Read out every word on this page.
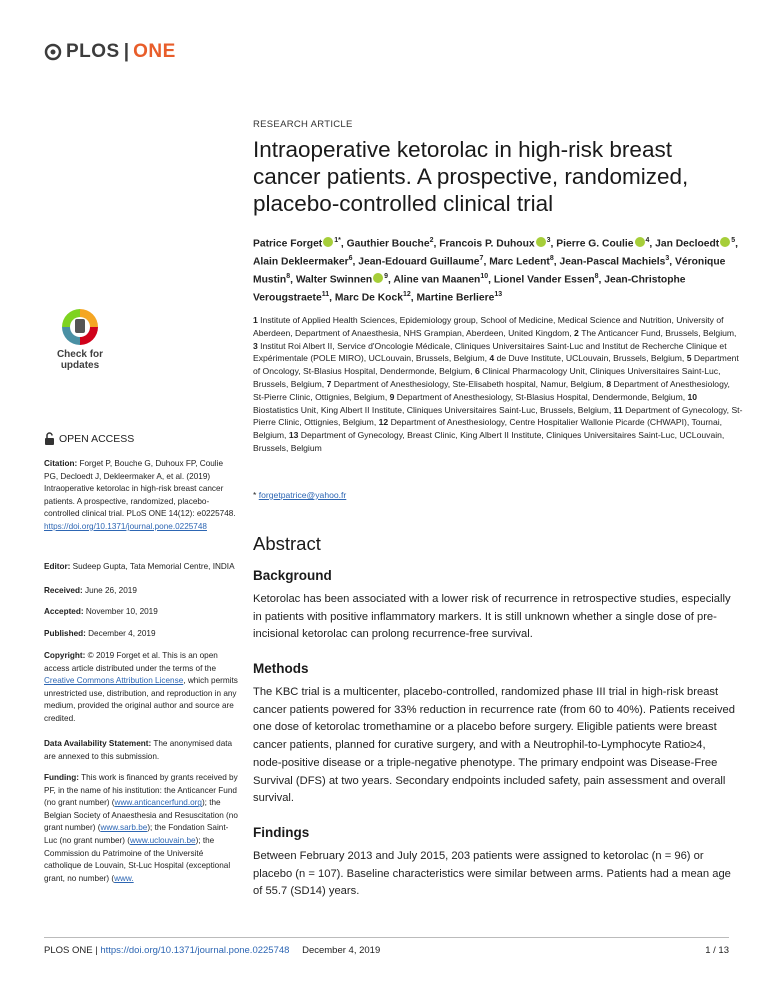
PLOS | ONE
Check for updates
OPEN ACCESS
Citation: Forget P, Bouche G, Duhoux FP, Coulie PG, Decloedt J, Dekleermaker A, et al. (2019) Intraoperative ketorolac in high-risk breast cancer patients. A prospective, randomized, placebo-controlled clinical trial. PLoS ONE 14(12): e0225748. https://doi.org/10.1371/journal.pone.0225748
Editor: Sudeep Gupta, Tata Memorial Centre, INDIA
Received: June 26, 2019
Accepted: November 10, 2019
Published: December 4, 2019
Copyright: © 2019 Forget et al. This is an open access article distributed under the terms of the Creative Commons Attribution License, which permits unrestricted use, distribution, and reproduction in any medium, provided the original author and source are credited.
Data Availability Statement: The anonymised data are annexed to this submission.
Funding: This work is financed by grants received by PF, in the name of his institution: the Anticancer Fund (no grant number) (www.anticancerfund.org); the Belgian Society of Anaesthesia and Resuscitation (no grant number) (www.sarb.be); the Fondation Saint-Luc (no grant number) (www.uclouvain.be); the Commission du Patrimoine of the Université catholique de Louvain, St-Luc Hospital (exceptional grant, no number) (www.
RESEARCH ARTICLE
Intraoperative ketorolac in high-risk breast cancer patients. A prospective, randomized, placebo-controlled clinical trial
Patrice Forget $^{1*}$, Gauthier Bouche$^2$, Francois P. Duhoux $^3$, Pierre G. Coulie $^4$, Jan Decloedt $^5$, Alain Dekleermaker$^6$, Jean-Edouard Guillaume$^7$, Marc Ledent$^8$, Jean-Pascal Machiels$^3$, Véronique Mustin$^8$, Walter Swinnen $^9$, Aline van Maanen$^{10}$, Lionel Vander Essen$^8$, Jean-Christophe Verougstraete$^{11}$, Marc De Kock$^{12}$, Martine Berliere$^{13}$
1 Institute of Applied Health Sciences, Epidemiology group, School of Medicine, Medical Science and Nutrition, University of Aberdeen, Department of Anaesthesia, NHS Grampian, Aberdeen, United Kingdom, 2 The Anticancer Fund, Brussels, Belgium, 3 Institut Roi Albert II, Service d'Oncologie Médicale, Cliniques Universitaires Saint-Luc and Institut de Recherche Clinique et Expérimentale (POLE MIRO), UCLouvain, Brussels, Belgium, 4 de Duve Institute, UCLouvain, Brussels, Belgium, 5 Department of Oncology, St-Blasius Hospital, Dendermonde, Belgium, 6 Clinical Pharmacology Unit, Cliniques Universitaires Saint-Luc, Brussels, Belgium, 7 Department of Anesthesiology, Ste-Elisabeth hospital, Namur, Belgium, 8 Department of Anesthesiology, St-Pierre Clinic, Ottignies, Belgium, 9 Department of Anesthesiology, St-Blasius Hospital, Dendermonde, Belgium, 10 Biostatistics Unit, King Albert II Institute, Cliniques Universitaires Saint-Luc, Brussels, Belgium, 11 Department of Gynecology, St-Pierre Clinic, Ottignies, Belgium, 12 Department of Anesthesiology, Centre Hospitalier Wallonie Picarde (CHWAPI), Tournai, Belgium, 13 Department of Gynecology, Breast Clinic, King Albert II Institute, Cliniques Universitaires Saint-Luc, UCLouvain, Brussels, Belgium
* forgetpatrice@yahoo.fr
Abstract
Background
Ketorolac has been associated with a lower risk of recurrence in retrospective studies, especially in patients with positive inflammatory markers. It is still unknown whether a single dose of pre-incisional ketorolac can prolong recurrence-free survival.
Methods
The KBC trial is a multicenter, placebo-controlled, randomized phase III trial in high-risk breast cancer patients powered for 33% reduction in recurrence rate (from 60 to 40%). Patients received one dose of ketorolac tromethamine or a placebo before surgery. Eligible patients were breast cancer patients, planned for curative surgery, and with a Neutrophil-to-Lymphocyte Ratio≥4, node-positive disease or a triple-negative phenotype. The primary endpoint was Disease-Free Survival (DFS) at two years. Secondary endpoints included safety, pain assessment and overall survival.
Findings
Between February 2013 and July 2015, 203 patients were assigned to ketorolac (n = 96) or placebo (n = 107). Baseline characteristics were similar between arms. Patients had a mean age of 55.7 (SD14) years.
PLOS ONE | https://doi.org/10.1371/journal.pone.0225748 December 4, 2019	1 / 13
